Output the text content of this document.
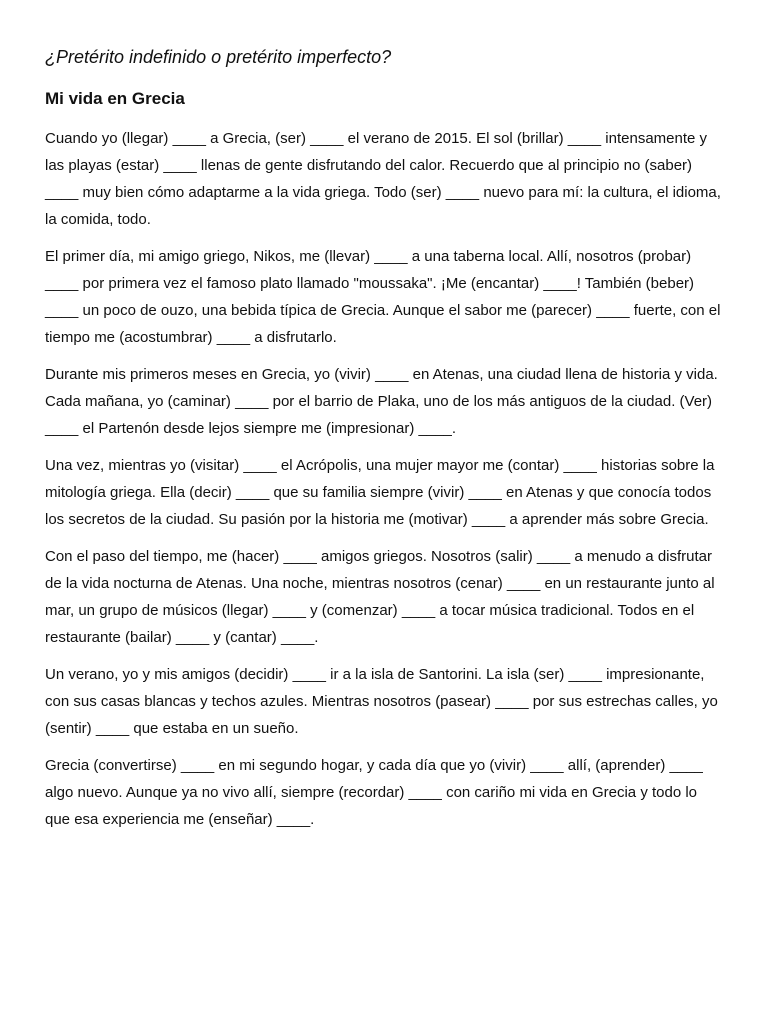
¿Pretérito indefinido o pretérito imperfecto?

Mi vida en Grecia

Cuando yo (llegar) ____ a Grecia, (ser) ____ el verano de 2015. El sol (brillar) ____ intensamente y las playas (estar) ____ llenas de gente disfrutando del calor. Recuerdo que al principio no (saber) ____ muy bien cómo adaptarme a la vida griega. Todo (ser) ____ nuevo para mí: la cultura, el idioma, la comida, todo.

El primer día, mi amigo griego, Nikos, me (llevar) ____ a una taberna local. Allí, nosotros (probar) ____ por primera vez el famoso plato llamado "moussaka". ¡Me (encantar) ____! También (beber) ____ un poco de ouzo, una bebida típica de Grecia. Aunque el sabor me (parecer) ____ fuerte, con el tiempo me (acostumbrar) ____ a disfrutarlo.

Durante mis primeros meses en Grecia, yo (vivir) ____ en Atenas, una ciudad llena de historia y vida. Cada mañana, yo (caminar) ____ por el barrio de Plaka, uno de los más antiguos de la ciudad. (Ver) ____ el Partenón desde lejos siempre me (impresionar) ____.

Una vez, mientras yo (visitar) ____ el Acrópolis, una mujer mayor me (contar) ____ historias sobre la mitología griega. Ella (decir) ____ que su familia siempre (vivir) ____ en Atenas y que conocía todos los secretos de la ciudad. Su pasión por la historia me (motivar) ____ a aprender más sobre Grecia.

Con el paso del tiempo, me (hacer) ____ amigos griegos. Nosotros (salir) ____ a menudo a disfrutar de la vida nocturna de Atenas. Una noche, mientras nosotros (cenar) ____ en un restaurante junto al mar, un grupo de músicos (llegar) ____ y (comenzar) ____ a tocar música tradicional. Todos en el restaurante (bailar) ____ y (cantar) ____.

Un verano, yo y mis amigos (decidir) ____ ir a la isla de Santorini. La isla (ser) ____ impresionante, con sus casas blancas y techos azules. Mientras nosotros (pasear) ____ por sus estrechas calles, yo (sentir) ____ que estaba en un sueño.

Grecia (convertirse) ____ en mi segundo hogar, y cada día que yo (vivir) ____ allí, (aprender) ____ algo nuevo. Aunque ya no vivo allí, siempre (recordar) ____ con cariño mi vida en Grecia y todo lo que esa experiencia me (enseñar) ____.
